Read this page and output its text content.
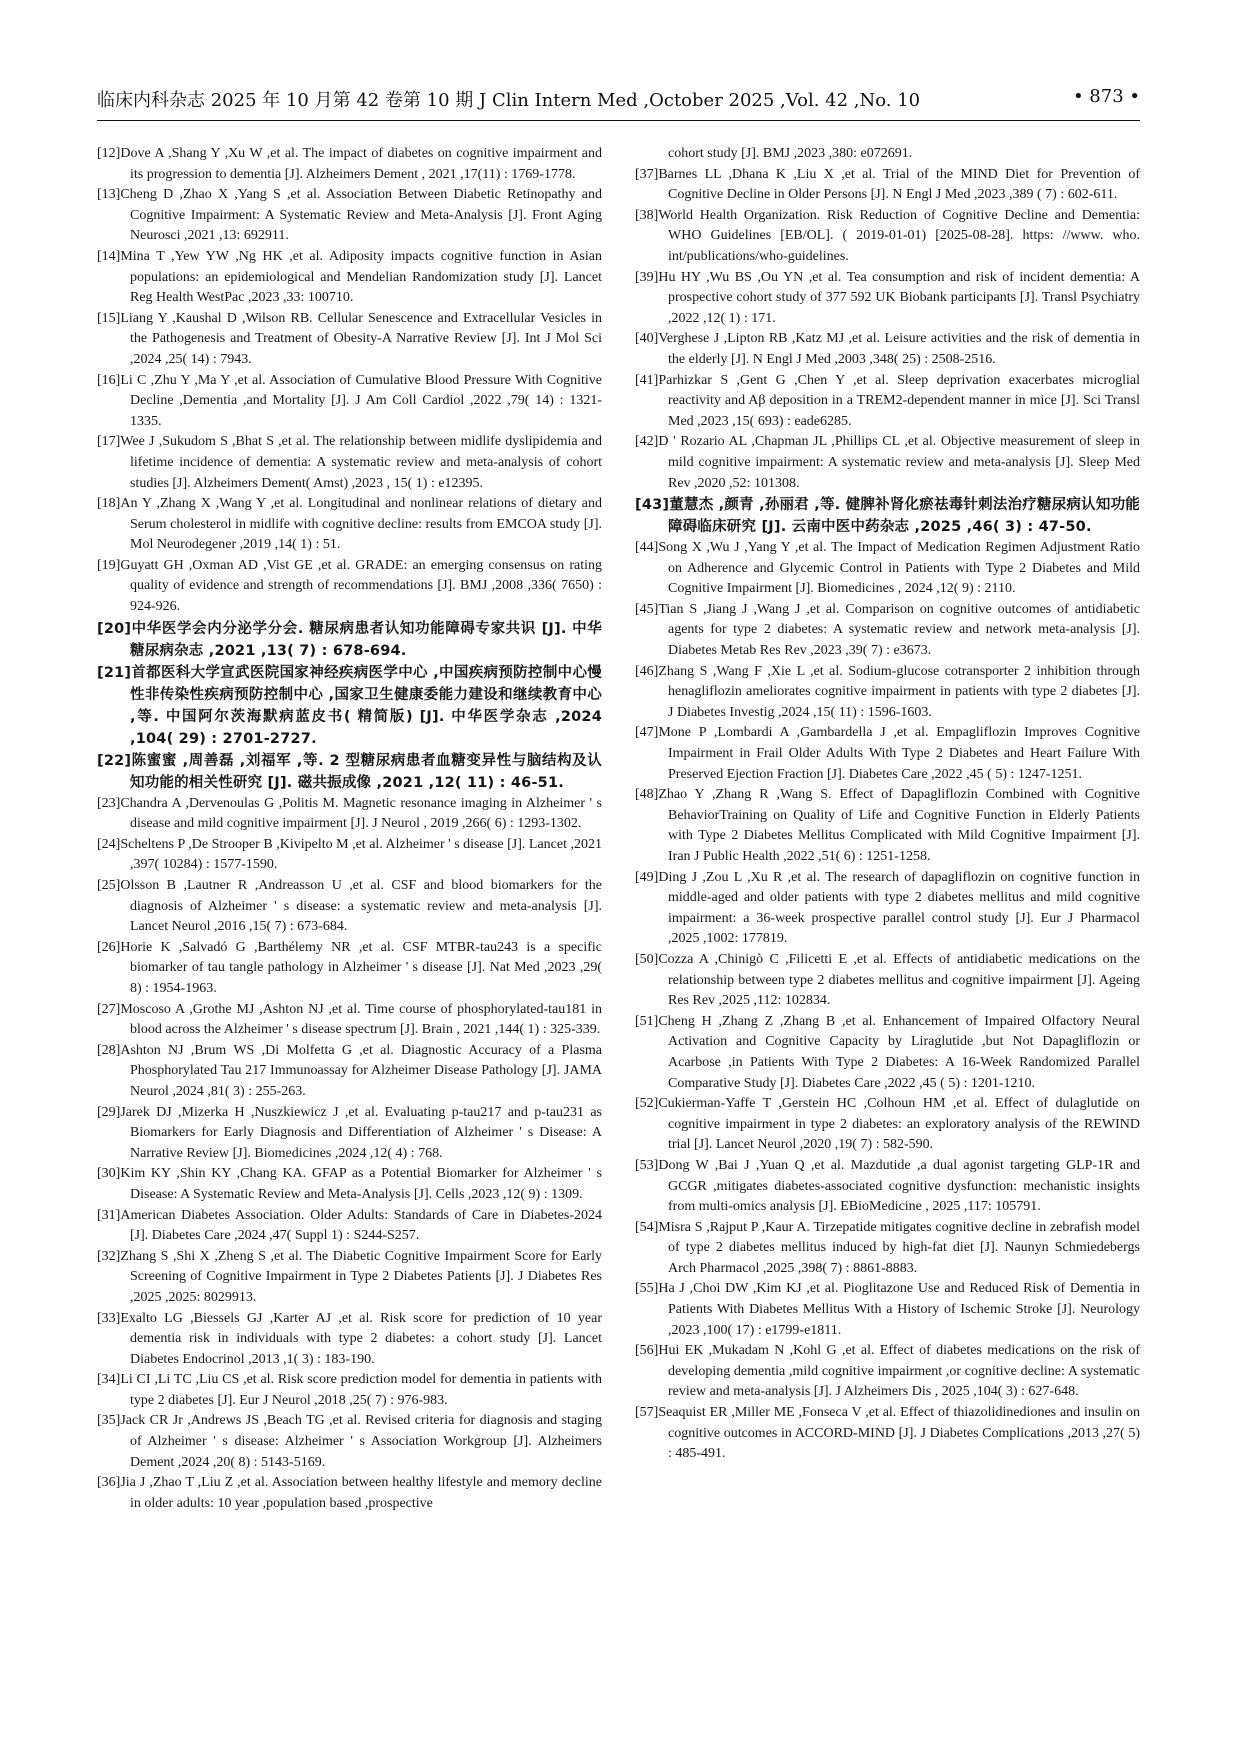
临床内科杂志 2025 年 10 月第 42 卷第 10 期 J Clin Intern Med ,October 2025 ,Vol. 42 ,No. 10	• 873 •

[12]Dove A ,Shang Y ,Xu W ,et al. The impact of diabetes on cognitive impairment and its progression to dementia [J]. Alzheimers Dement , 2021 ,17(11) : 1769-1778.

[13]Cheng D ,Zhao X ,Yang S ,et al. Association Between Diabetic Retinopathy and Cognitive Impairment: A Systematic Review and Meta-Analysis [J]. Front Aging Neurosci ,2021 ,13: 692911.

[14]Mina T ,Yew YW ,Ng HK ,et al. Adiposity impacts cognitive function in Asian populations: an epidemiological and Mendelian Randomization study [J]. Lancet Reg Health WestPac ,2023 ,33: 100710.

[15]Liang Y ,Kaushal D ,Wilson RB. Cellular Senescence and Extracellular Vesicles in the Pathogenesis and Treatment of Obesity-A Narrative Review [J]. Int J Mol Sci ,2024 ,25( 14) : 7943.

[16]Li C ,Zhu Y ,Ma Y ,et al. Association of Cumulative Blood Pressure With Cognitive Decline ,Dementia ,and Mortality [J]. J Am Coll Cardiol ,2022 ,79( 14) : 1321-1335.

[17]Wee J ,Sukudom S ,Bhat S ,et al. The relationship between midlife dyslipidemia and lifetime incidence of dementia: A systematic review and meta-analysis of cohort studies [J]. Alzheimers Dement( Amst) ,2023 , 15( 1) : e12395.

[18]An Y ,Zhang X ,Wang Y ,et al. Longitudinal and nonlinear relations of dietary and Serum cholesterol in midlife with cognitive decline: results from EMCOA study [J]. Mol Neurodegener ,2019 ,14( 1) : 51.

[19]Guyatt GH ,Oxman AD ,Vist GE ,et al. GRADE: an emerging consensus on rating quality of evidence and strength of recommendations [J]. BMJ ,2008 ,336( 7650) : 924-926.

[20]中华医学会内分泌学分会. 糖尿病患者认知功能障碍专家共识 [J]. 中华糖尿病杂志 ,2021 ,13( 7) : 678-694.

[21]首都医科大学宣武医院国家神经疾病医学中心 ,中国疾病预防控制中心慢性非传染性疾病预防控制中心 ,国家卫生健康委能力建设和继续教育中心 ,等. 中国阿尔茨海默病蓝皮书( 精简版) [J]. 中华医学杂志 ,2024 ,104( 29) : 2701-2727.

[22]陈蜜蜜 ,周善磊 ,刘福军 ,等. 2 型糖尿病患者血糖变异性与脑结构及认知功能的相关性研究 [J]. 磁共振成像 ,2021 ,12( 11) : 46-51.

[23]Chandra A ,Dervenoulas G ,Politis M. Magnetic resonance imaging in Alzheimer ' s disease and mild cognitive impairment [J]. J Neurol , 2019 ,266( 6) : 1293-1302.

[24]Scheltens P ,De Strooper B ,Kivipelto M ,et al. Alzheimer ' s disease [J]. Lancet ,2021 ,397( 10284) : 1577-1590.

[25]Olsson B ,Lautner R ,Andreasson U ,et al. CSF and blood biomarkers for the diagnosis of Alzheimer ' s disease: a systematic review and meta-analysis [J]. Lancet Neurol ,2016 ,15( 7) : 673-684.

[26]Horie K ,Salvadó G ,Barthélemy NR ,et al. CSF MTBR-tau243 is a specific biomarker of tau tangle pathology in Alzheimer ' s disease [J]. Nat Med ,2023 ,29( 8) : 1954-1963.

[27]Moscoso A ,Grothe MJ ,Ashton NJ ,et al. Time course of phosphorylated-tau181 in blood across the Alzheimer ' s disease spectrum [J]. Brain , 2021 ,144( 1) : 325-339.

[28]Ashton NJ ,Brum WS ,Di Molfetta G ,et al. Diagnostic Accuracy of a Plasma Phosphorylated Tau 217 Immunoassay for Alzheimer Disease Pathology [J]. JAMA Neurol ,2024 ,81( 3) : 255-263.

[29]Jarek DJ ,Mizerka H ,Nuszkiewicz J ,et al. Evaluating p-tau217 and p-tau231 as Biomarkers for Early Diagnosis and Differentiation of Alzheimer ' s Disease: A Narrative Review [J]. Biomedicines ,2024 ,12( 4) : 768.

[30]Kim KY ,Shin KY ,Chang KA. GFAP as a Potential Biomarker for Alzheimer ' s Disease: A Systematic Review and Meta-Analysis [J]. Cells ,2023 ,12( 9) : 1309.

[31]American Diabetes Association. Older Adults: Standards of Care in Diabetes-2024 [J]. Diabetes Care ,2024 ,47( Suppl 1) : S244-S257.

[32]Zhang S ,Shi X ,Zheng S ,et al. The Diabetic Cognitive Impairment Score for Early Screening of Cognitive Impairment in Type 2 Diabetes Patients [J]. J Diabetes Res ,2025 ,2025: 8029913.

[33]Exalto LG ,Biessels GJ ,Karter AJ ,et al. Risk score for prediction of 10 year dementia risk in individuals with type 2 diabetes: a cohort study [J]. Lancet Diabetes Endocrinol ,2013 ,1( 3) : 183-190.

[34]Li CI ,Li TC ,Liu CS ,et al. Risk score prediction model for dementia in patients with type 2 diabetes [J]. Eur J Neurol ,2018 ,25( 7) : 976-983.

[35]Jack CR Jr ,Andrews JS ,Beach TG ,et al. Revised criteria for diagnosis and staging of Alzheimer ' s disease: Alzheimer ' s Association Workgroup [J]. Alzheimers Dement ,2024 ,20( 8) : 5143-5169.

[36]Jia J ,Zhao T ,Liu Z ,et al. Association between healthy lifestyle and memory decline in older adults: 10 year ,population based ,prospective

cohort study [J]. BMJ ,2023 ,380: e072691.

[37]Barnes LL ,Dhana K ,Liu X ,et al. Trial of the MIND Diet for Prevention of Cognitive Decline in Older Persons [J]. N Engl J Med ,2023 ,389 ( 7) : 602-611.

[38]World Health Organization. Risk Reduction of Cognitive Decline and Dementia: WHO Guidelines [EB/OL]. ( 2019-01-01) [2025-08-28]. https: //www. who. int/publications/who-guidelines.

[39]Hu HY ,Wu BS ,Ou YN ,et al. Tea consumption and risk of incident dementia: A prospective cohort study of 377 592 UK Biobank participants [J]. Transl Psychiatry ,2022 ,12( 1) : 171.

[40]Verghese J ,Lipton RB ,Katz MJ ,et al. Leisure activities and the risk of dementia in the elderly [J]. N Engl J Med ,2003 ,348( 25) : 2508-2516.

[41]Parhizkar S ,Gent G ,Chen Y ,et al. Sleep deprivation exacerbates microglial reactivity and Aβ deposition in a TREM2-dependent manner in mice [J]. Sci Transl Med ,2023 ,15( 693) : eade6285.

[42]D ' Rozario AL ,Chapman JL ,Phillips CL ,et al. Objective measurement of sleep in mild cognitive impairment: A systematic review and meta-analysis [J]. Sleep Med Rev ,2020 ,52: 101308.

[43]董慧杰 ,颜青 ,孙丽君 ,等. 健脾补肾化瘀祛毒针刺法治疗糖尿病认知功能障碍临床研究 [J]. 云南中医中药杂志 ,2025 ,46( 3) : 47-50.

[44]Song X ,Wu J ,Yang Y ,et al. The Impact of Medication Regimen Adjustment Ratio on Adherence and Glycemic Control in Patients with Type 2 Diabetes and Mild Cognitive Impairment [J]. Biomedicines , 2024 ,12( 9) : 2110.

[45]Tian S ,Jiang J ,Wang J ,et al. Comparison on cognitive outcomes of antidiabetic agents for type 2 diabetes: A systematic review and network meta-analysis [J]. Diabetes Metab Res Rev ,2023 ,39( 7) : e3673.

[46]Zhang S ,Wang F ,Xie L ,et al. Sodium-glucose cotransporter 2 inhibition through henagliflozin ameliorates cognitive impairment in patients with type 2 diabetes [J]. J Diabetes Investig ,2024 ,15( 11) : 1596-1603.

[47]Mone P ,Lombardi A ,Gambardella J ,et al. Empagliflozin Improves Cognitive Impairment in Frail Older Adults With Type 2 Diabetes and Heart Failure With Preserved Ejection Fraction [J]. Diabetes Care ,2022 ,45 ( 5) : 1247-1251.

[48]Zhao Y ,Zhang R ,Wang S. Effect of Dapagliflozin Combined with Cognitive BehaviorTraining on Quality of Life and Cognitive Function in Elderly Patients with Type 2 Diabetes Mellitus Complicated with Mild Cognitive Impairment [J]. Iran J Public Health ,2022 ,51( 6) : 1251-1258.

[49]Ding J ,Zou L ,Xu R ,et al. The research of dapagliflozin on cognitive function in middle-aged and older patients with type 2 diabetes mellitus and mild cognitive impairment: a 36-week prospective parallel control study [J]. Eur J Pharmacol ,2025 ,1002: 177819.

[50]Cozza A ,Chinigò C ,Filicetti E ,et al. Effects of antidiabetic medications on the relationship between type 2 diabetes mellitus and cognitive impairment [J]. Ageing Res Rev ,2025 ,112: 102834.

[51]Cheng H ,Zhang Z ,Zhang B ,et al. Enhancement of Impaired Olfactory Neural Activation and Cognitive Capacity by Liraglutide ,but Not Dapagliflozin or Acarbose ,in Patients With Type 2 Diabetes: A 16-Week Randomized Parallel Comparative Study [J]. Diabetes Care ,2022 ,45 ( 5) : 1201-1210.

[52]Cukierman-Yaffe T ,Gerstein HC ,Colhoun HM ,et al. Effect of dulaglutide on cognitive impairment in type 2 diabetes: an exploratory analysis of the REWIND trial [J]. Lancet Neurol ,2020 ,19( 7) : 582-590.

[53]Dong W ,Bai J ,Yuan Q ,et al. Mazdutide ,a dual agonist targeting GLP-1R and GCGR ,mitigates diabetes-associated cognitive dysfunction: mechanistic insights from multi-omics analysis [J]. EBioMedicine , 2025 ,117: 105791.

[54]Misra S ,Rajput P ,Kaur A. Tirzepatide mitigates cognitive decline in zebrafish model of type 2 diabetes mellitus induced by high-fat diet [J]. Naunyn Schmiedebergs Arch Pharmacol ,2025 ,398( 7) : 8861-8883.

[55]Ha J ,Choi DW ,Kim KJ ,et al. Pioglitazone Use and Reduced Risk of Dementia in Patients With Diabetes Mellitus With a History of Ischemic Stroke [J]. Neurology ,2023 ,100( 17) : e1799-e1811.

[56]Hui EK ,Mukadam N ,Kohl G ,et al. Effect of diabetes medications on the risk of developing dementia ,mild cognitive impairment ,or cognitive decline: A systematic review and meta-analysis [J]. J Alzheimers Dis , 2025 ,104( 3) : 627-648.

[57]Seaquist ER ,Miller ME ,Fonseca V ,et al. Effect of thiazolidinediones and insulin on cognitive outcomes in ACCORD-MIND [J]. J Diabetes Complications ,2013 ,27( 5) : 485-491.
